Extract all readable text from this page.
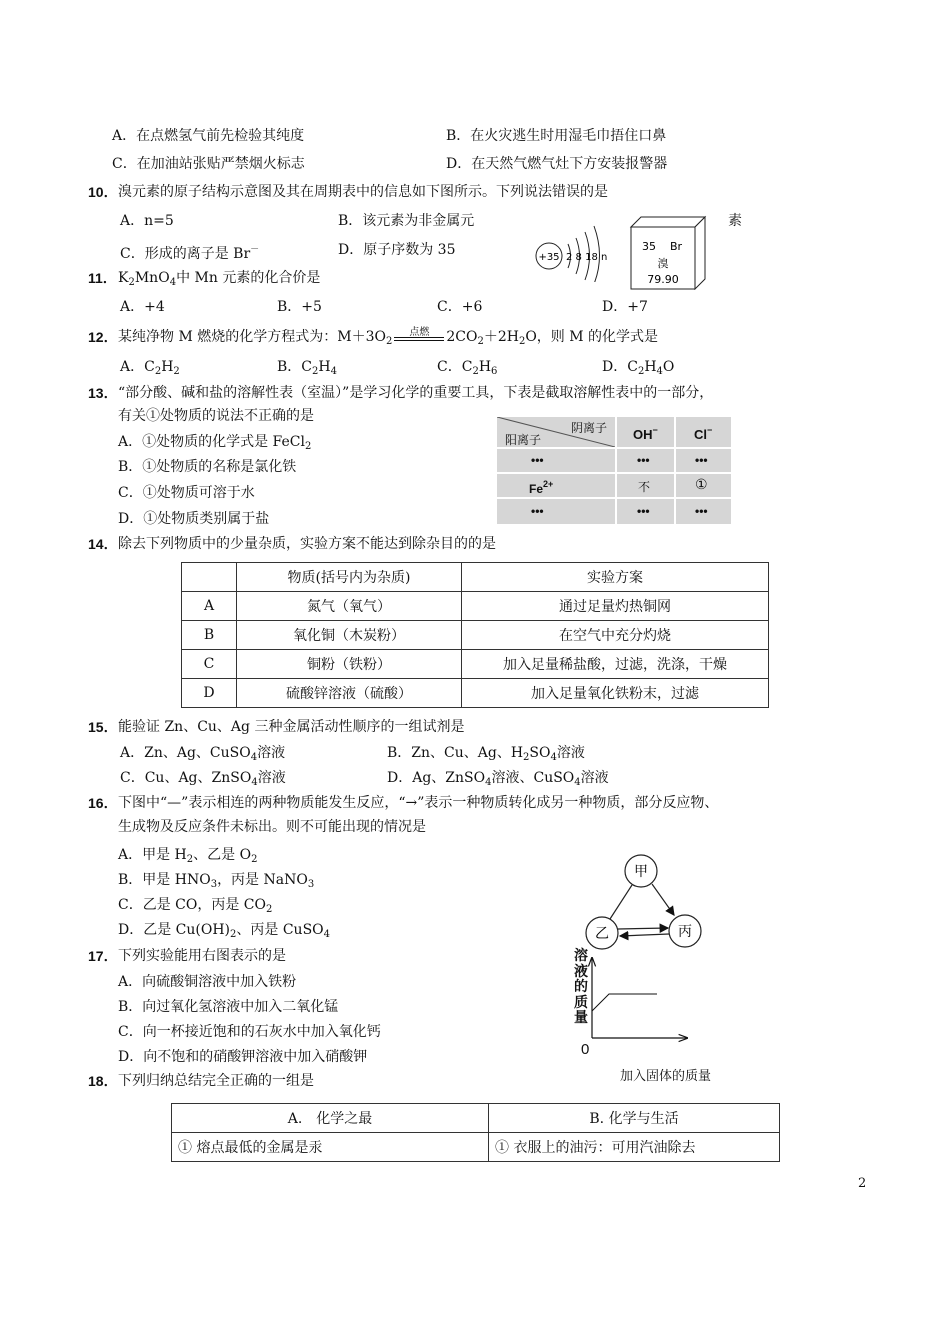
A．在点燃氢气前先检验其纯度	B．在火灾逃生时用湿毛巾捂住口鼻
C．在加油站张贴严禁烟火标志	D．在天然气燃气灶下方安装报警器
10． 溴元素的原子结构示意图及其在周期表中的信息如下图所示。下列说法错误的是
A．n=5	B．该元素为非金属元	素
C．形成的离子是 Br－	D．原子序数为 35	+35 2 8 18 n
35 Br
溴
79.90
11． $K_2MnO_4$中 Mn 元素的化合价是
A．+4	B．+5	C．+6	D．+7
12． 某纯净物 M 燃烧的化学方程式为：$M+3O_2$
点燃	$2CO_2+2H_2O$，则 M 的化学式是
A．$C_2H_2$	B．$C_2H_4$	C．$C_2H_6$	D．$C_2H_4O$
13． “部分酸、碱和盐的溶解性表（室温）”是学习化学的重要工具，下表是截取溶解性表中的一部分，
有关①处物质的说法不正确的是
A．①处物质的化学式是 FeCl$_2$
B．①处物质的名称是氯化铁
C．①处物质可溶于水
D．①处物质类别属于盐
阴离子
阳离子	OH−	Cl−
•••	•••	•••
$Fe^{2+}$	不	①
•••	•••	•••
14． 除去下列物质中的少量杂质，实验方案不能达到除杂目的的是
	物质(括号内为杂质)	实验方案
A	氮气（氧气）	通过足量灼热铜网
B	氧化铜（木炭粉）	在空气中充分灼烧
C	铜粉（铁粉）	加入足量稀盐酸，过滤，洗涤，干燥
D	硫酸锌溶液（硫酸）	加入足量氧化铁粉末，过滤
15． 能验证 Zn、Cu、Ag 三种金属活动性顺序的一组试剂是
A．Zn、Ag、CuSO$_4$溶液	B．Zn、Cu、Ag、$H_2SO_4$溶液
C．Cu、Ag、ZnSO$_4$溶液	D．Ag、ZnSO$_4$溶液、CuSO$_4$溶液
16． 下图中“—”表示相连的两种物质能发生反应，“→”表示一种物质转化成另一种物质，部分反应物、
生成物及反应条件未标出。则不可能出现的情况是
A．甲是 $H_2$、乙是 $O_2$
B．甲是 $HNO_3$，丙是 NaNO$_3$
C．乙是 CO，丙是 $CO_2$
D．乙是 $Cu(OH)_2$、丙是 CuSO$_4$
甲
乙	丙
17． 下列实验能用右图表示的是
A．向硫酸铜溶液中加入铁粉
B．向过氧化氢溶液中加入二氧化锰
C．向一杯接近饱和的石灰水中加入氧化钙
D．向不饱和的硝酸钾溶液中加入硝酸钾
溶液的质量
0
加入固体的质量
18． 下列归纳总结完全正确的一组是
A.　化学之最	B. 化学与生活
① 熔点最低的金属是汞	① 衣服上的油污：可用汽油除去
2
